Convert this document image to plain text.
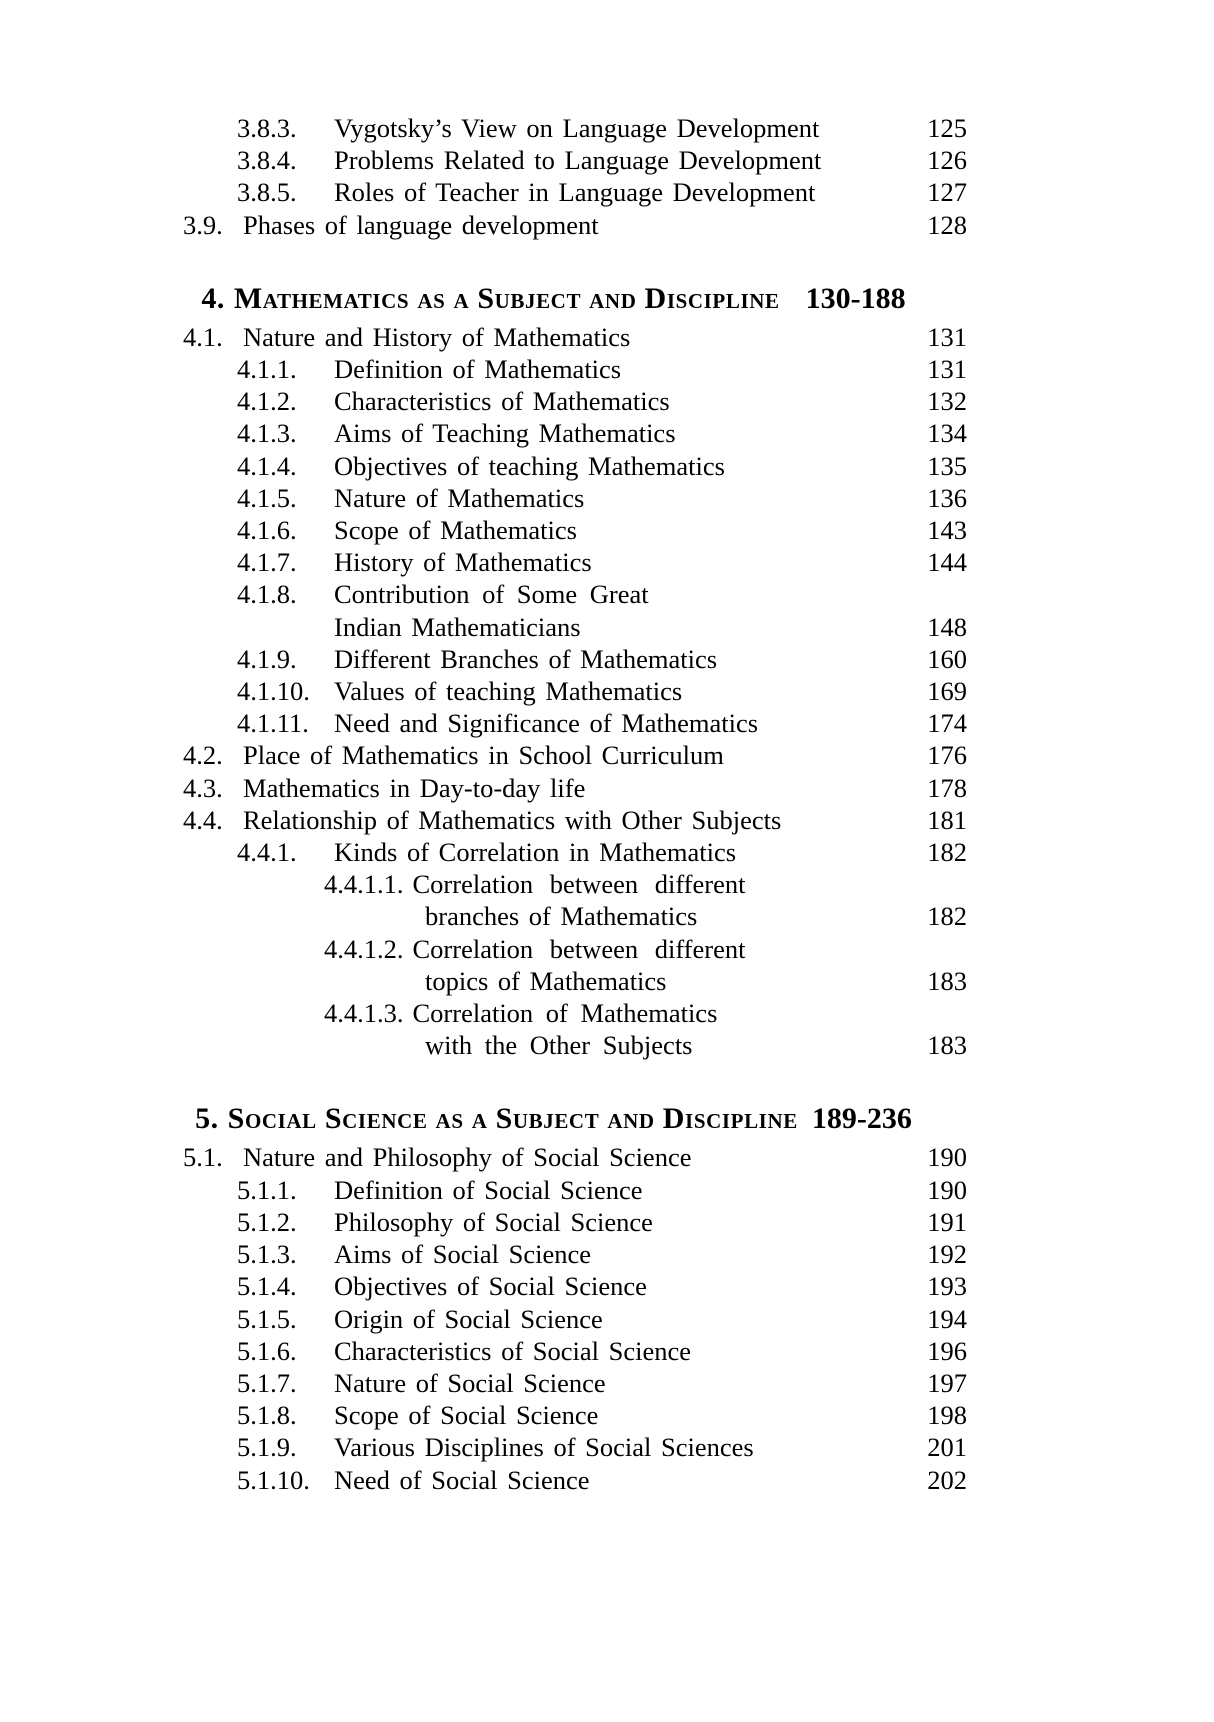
3.8.3.	Vygotsky’s View on Language Development	125
3.8.4.	Problems Related to Language Development	126
3.8.5.	Roles of Teacher in Language Development	127
3.9. Phases of language development	128
4. Mathematics as a Subject and Discipline 130-188
4.1. Nature and History of Mathematics	131
4.1.1.	Definition of Mathematics	131
4.1.2.	Characteristics of Mathematics	132
4.1.3.	Aims of Teaching Mathematics	134
4.1.4.	Objectives of teaching Mathematics	135
4.1.5.	Nature of Mathematics	136
4.1.6.	Scope of Mathematics	143
4.1.7.	History of Mathematics	144
4.1.8.	Contribution of Some Great
Indian Mathematicians	148
4.1.9.	Different Branches of Mathematics	160
4.1.10. Values of teaching Mathematics	169
4.1.11. Need and Significance of Mathematics	174
4.2. Place of Mathematics in School Curriculum	176
4.3. Mathematics in Day-to-day life	178
4.4. Relationship of Mathematics with Other Subjects	181
4.4.1.	Kinds of Correlation in Mathematics	182
4.4.1.1. Correlation between different
branches of Mathematics	182
4.4.1.2. Correlation between different
topics of Mathematics	183
4.4.1.3. Correlation of Mathematics
with the Other Subjects	183
5. Social Science as a Subject and Discipline 189-236
5.1. Nature and Philosophy of Social Science	190
5.1.1.	Definition of Social Science	190
5.1.2.	Philosophy of Social Science	191
5.1.3.	Aims of Social Science	192
5.1.4.	Objectives of Social Science	193
5.1.5.	Origin of Social Science	194
5.1.6.	Characteristics of Social Science	196
5.1.7.	Nature of Social Science	197
5.1.8.	Scope of Social Science	198
5.1.9.	Various Disciplines of Social Sciences	201
5.1.10. Need of Social Science	202
